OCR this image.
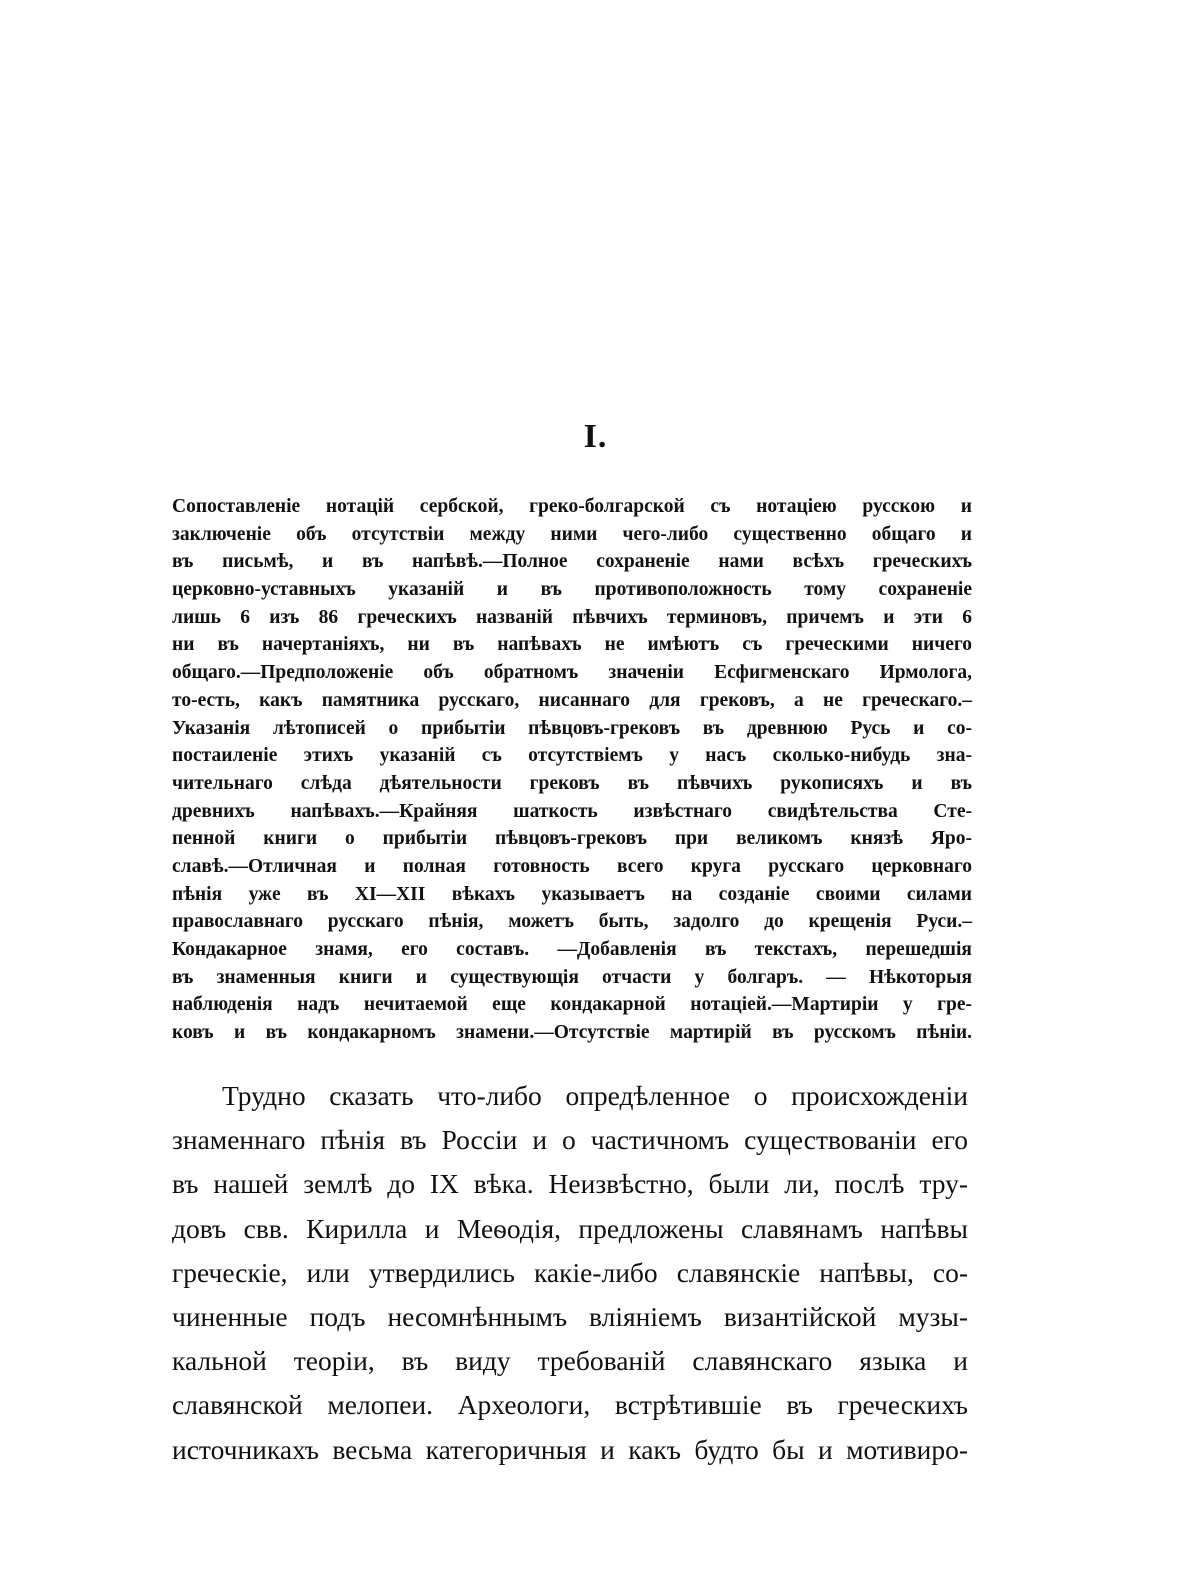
I.
Сопоставленіе нотацій сербской, греко-болгарской съ нотаціею русскою и
заключеніе объ отсутствіи между ними чего-либо существенно общаго и
въ письмѣ, и въ напѣвѣ.—Полное сохраненіе нами всѣхъ греческихъ
церковно-уставныхъ указаній и въ противоположность тому сохраненіе
лишь 6 изъ 86 греческихъ названій пѣвчихъ терминовъ, причемъ и эти 6
ни въ начертаніяхъ, ни въ напѣвахъ не имѣютъ съ греческими ничего
общаго.—Предположеніе объ обратномъ значеніи Есфигменскаго Ирмолога,
то-есть, какъ памятника русскаго, нисаннаго для грековъ, а не греческаго.–
Указанія лѣтописей о прибытіи пѣвцовъ-грековъ въ древнюю Русь и со-
постаиленіе этихъ указаній съ отсутствіемъ у насъ сколько-нибудь зна-
чительнаго слѣда дѣятельности грековъ въ пѣвчихъ рукописяхъ и въ
древнихъ напѣвахъ.—Крайняя шаткость извѣстнаго свидѣтельства Сте-
пенной книги о прибытіи пѣвцовъ-грековъ при великомъ князѣ Яро-
славѣ.—Отличная и полная готовность всего круга русскаго церковнаго
пѣнія уже въ XI—XII вѣкахъ указываетъ на созданіе своими силами
православнаго русскаго пѣнія, можетъ быть, задолго до крещенія Руси.–
Кондакарное знамя, его составъ. —Добавленія въ текстахъ, перешедшія
въ знаменныя книги и существующія отчасти у болгаръ. — Нѣкоторыя
наблюденія надъ нечитаемой еще кондакарной нотаціей.—Мартиріи у гре-
ковъ и въ кондакарномъ знамени.—Отсутствіе мартирій въ русскомъ пѣніи.
Трудно сказать что-либо опредѣленное о происхожденіи
знаменнаго пѣнія въ Россіи и о частичномъ существованіи его
въ нашей землѣ до IX вѣка. Неизвѣстно, были ли, послѣ тру-
довъ свв. Кирилла и Меѳодія, предложены славянамъ напѣвы
греческіе, или утвердились какіе-либо славянскіе напѣвы, со-
чиненные подъ несомнѣннымъ вліяніемъ византійской музы-
кальной теоріи, въ виду требованій славянскаго языка и
славянской мелопеи. Археологи, встрѣтившіе въ греческихъ
источникахъ весьма категоричныя и какъ будто бы и мотивиро-
